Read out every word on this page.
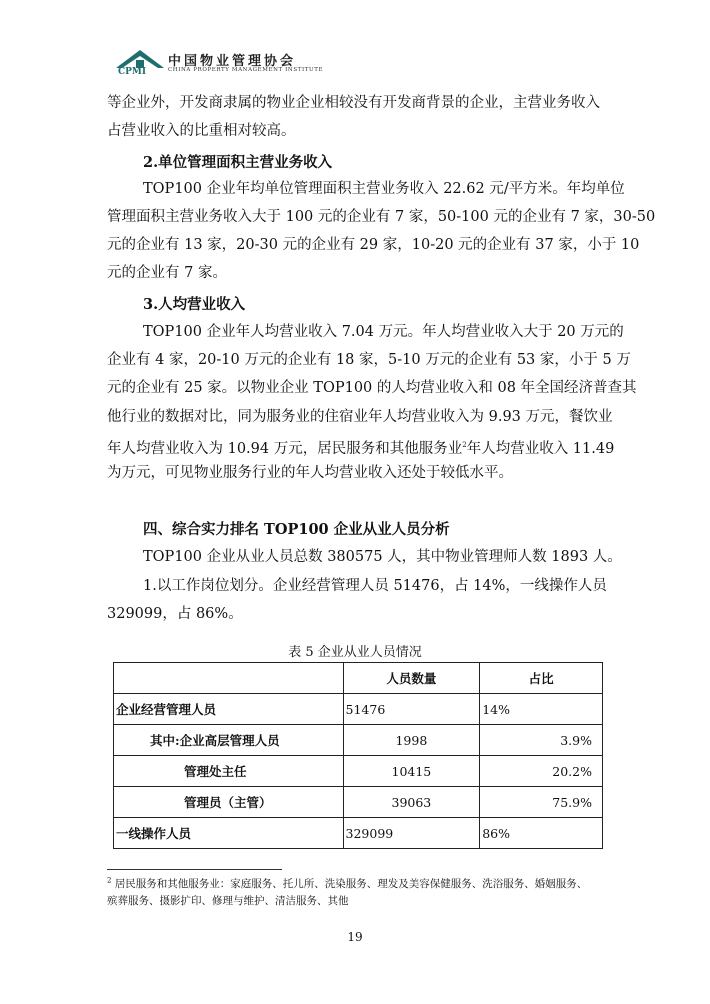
CPMI
中国物业管理协会
CHINA PROPERTY MANAGEMENT INSTITUTE
等企业外，开发商隶属的物业企业相较没有开发商背景的企业，主营业务收入
占营业收入的比重相对较高。
2.单位管理面积主营业务收入
TOP100 企业年均单位管理面积主营业务收入 22.62 元/平方米。年均单位
管理面积主营业务收入大于 100 元的企业有 7 家，50-100 元的企业有 7 家，30-50
元的企业有 13 家，20-30 元的企业有 29 家，10-20 元的企业有 37 家，小于 10
元的企业有 7 家。
3.人均营业收入
TOP100 企业年人均营业收入 7.04 万元。年人均营业收入大于 20 万元的
企业有 4 家，20-10 万元的企业有 18 家，5-10 万元的企业有 53 家，小于 5 万
元的企业有 25 家。以物业企业 TOP100 的人均营业收入和 08 年全国经济普查其
他行业的数据对比，同为服务业的住宿业年人均营业收入为 9.93 万元，餐饮业
年人均营业收入为 10.94 万元，居民服务和其他服务业$^2$年人均营业收入 11.49
为万元，可见物业服务行业的年人均营业收入还处于较低水平。
四、综合实力排名 TOP100 企业从业人员分析
TOP100 企业从业人员总数 380575 人，其中物业管理师人数 1893 人。
1.以工作岗位划分。企业经营管理人员 51476，占 14%，一线操作人员
329099，占 86%。
表 5 企业从业人员情况
	人员数量	占比
企业经营管理人员	51476	14%
其中:企业高层管理人员	1998	3.9%
管理处主任	10415	20.2%
管理员（主管）	39063	75.9%
一线操作人员	329099	86%
$^2$ 居民服务和其他服务业：家庭服务、托儿所、洗染服务、理发及美容保健服务、洗浴服务、婚姻服务、
殡葬服务、摄影扩印、修理与维护、清洁服务、其他
19
